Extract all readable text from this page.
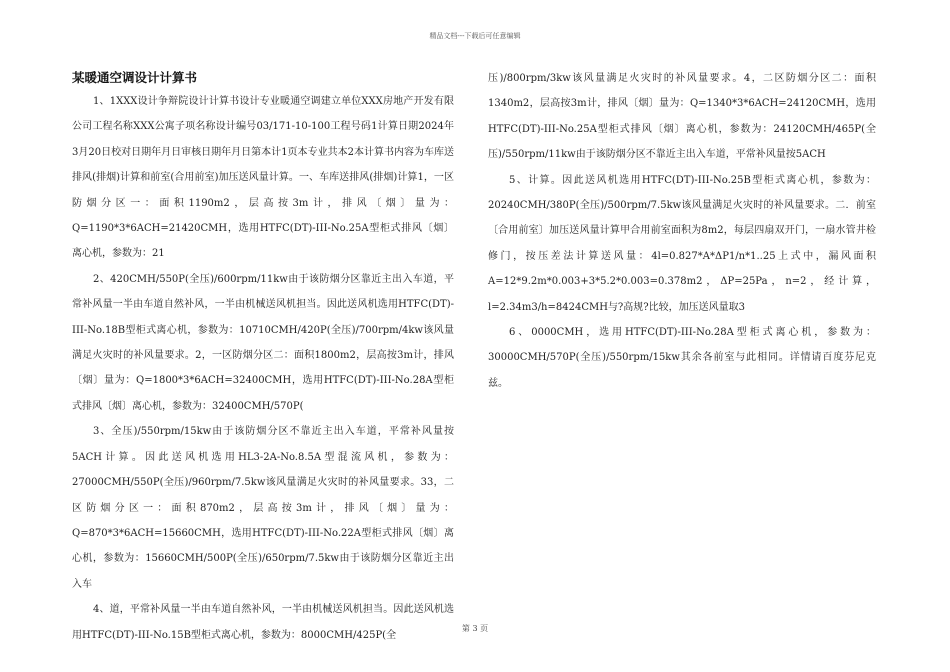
精品文档---下载后可任意编辑
某暖通空调设计计算书

1、1XXX设计争辩院设计计算书设计专业暖通空调建立单位XXX房地产开发有限公司工程名称XXX公寓子项名称设计编号03/171-10-100工程号码1计算日期2024年3月20日校对日期年月日审核日期年月日第本计1页本专业共本2本计算书内容为车库送排风(排烟)计算和前室(合用前室)加压送风量计算。一、车库送排风(排烟)计算1，一区防烟分区一：面积1190m2，层高按3m计，排风〔烟〕量为：Q=1190*3*6ACH=21420CMH，选用HTFC(DT)-III-No.25A型柜式排风〔烟〕离心机，参数为：21

2、420CMH/550P(全压)/600rpm/11kw由于该防烟分区靠近主出入车道，平常补风量一半由车道自然补风，一半由机械送风机担当。因此送风机选用HTFC(DT)-III-No.18B型柜式离心机，参数为：10710CMH/420P(全压)/700rpm/4kw该风量满足火灾时的补风量要求。2，一区防烟分区二：面积1800m2，层高按3m计，排风〔烟〕量为：Q=1800*3*6ACH=32400CMH，选用HTFC(DT)-III-No.28A型柜式排风〔烟〕离心机，参数为：32400CMH/570P(

3、全压)/550rpm/15kw由于该防烟分区不靠近主出入车道，平常补风量按5ACH计算。因此送风机选用HL3-2A-No.8.5A型混流风机，参数为：27000CMH/550P(全压)/960rpm/7.5kw该风量满足火灾时的补风量要求。33，二区防烟分区一：面积870m2，层高按3m计，排风〔烟〕量为：Q=870*3*6ACH=15660CMH，选用HTFC(DT)-III-No.22A型柜式排风〔烟〕离心机，参数为：15660CMH/500P(全压)/650rpm/7.5kw由于该防烟分区靠近主出入车

4、道，平常补风量一半由车道自然补风，一半由机械送风机担当。因此送风机选用HTFC(DT)-III-No.15B型柜式离心机，参数为：8000CMH/425P(全

压)/800rpm/3kw该风量满足火灾时的补风量要求。4，二区防烟分区二：面积1340m2，层高按3m计，排风〔烟〕量为：Q=1340*3*6ACH=24120CMH，选用HTFC(DT)-III-No.25A型柜式排风〔烟〕离心机，参数为：24120CMH/465P(全压)/550rpm/11kw由于该防烟分区不靠近主出入车道，平常补风量按5ACH

5、计算。因此送风机选用HTFC(DT)-III-No.25B型柜式离心机，参数为：20240CMH/380P(全压)/500rpm/7.5kw该风量满足火灾时的补风量要求。二．前室〔合用前室〕加压送风量计算甲合用前室面积为8m2，每层四扇双开门，一扇水管井检修门，按压差法计算送风量：4l=0.827*A*ΔP1/n*1..25上式中，漏风面积A=12*9.2m*0.003+3*5.2*0.003=0.378m2，ΔP=25Pa，n=2，经计算，l=2.34m3/h=8424CMH与?高规?比较，加压送风量取3

6、0000CMH，选用HTFC(DT)-III-No.28A型柜式离心机，参数为：30000CMH/570P(全压)/550rpm/15kw其余各前室与此相同。详情请百度芬尼克兹。

第 3 页
